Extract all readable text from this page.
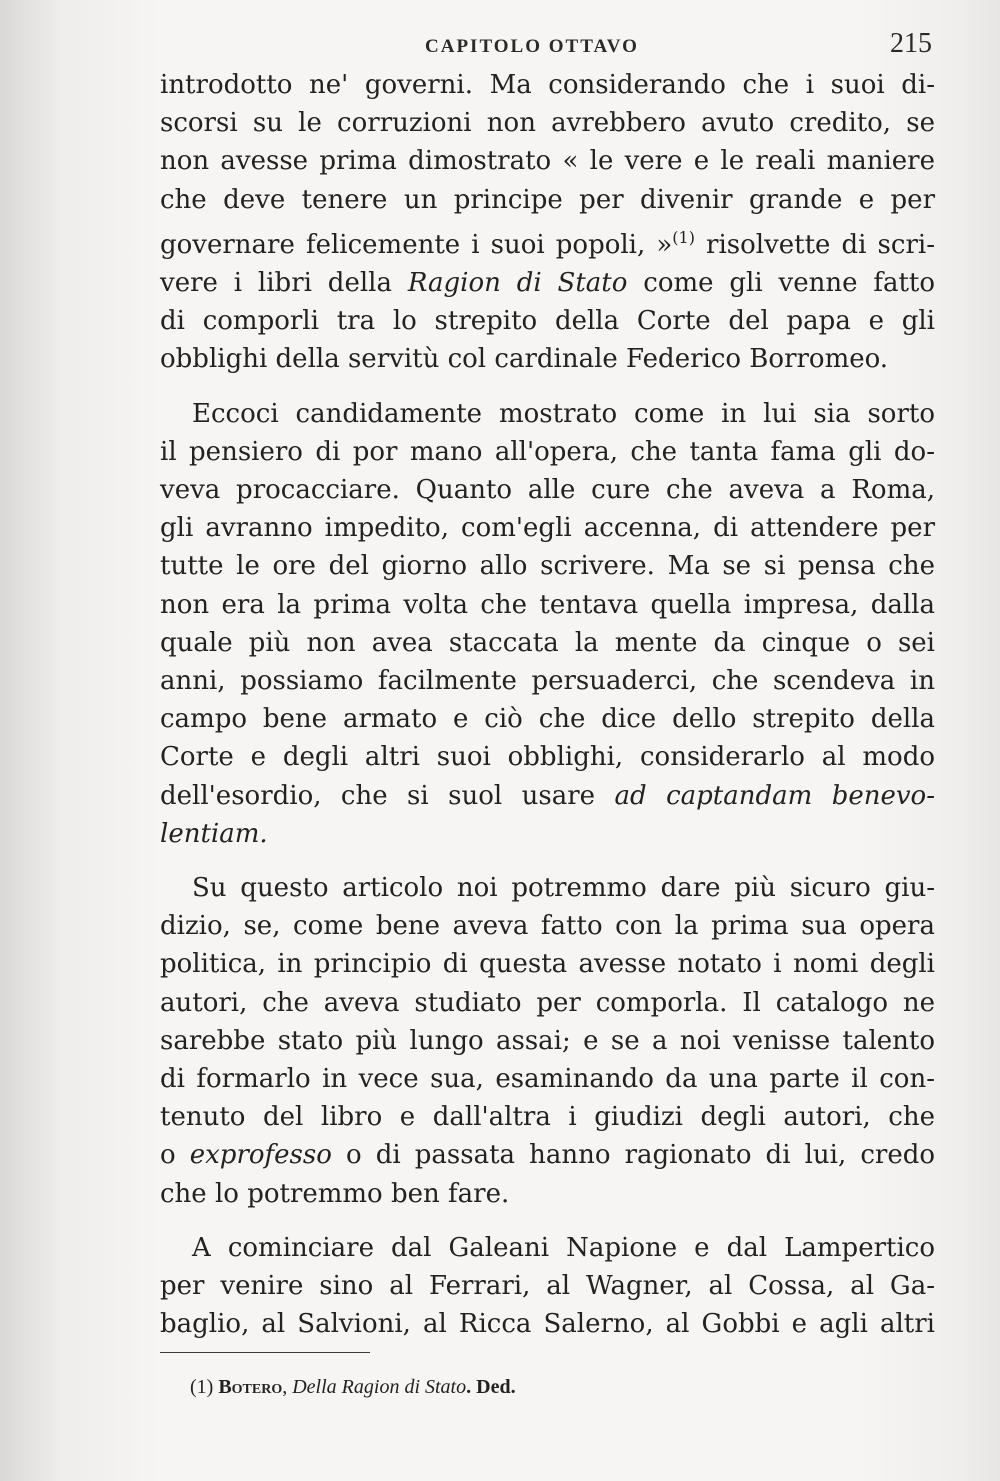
CAPITOLO OTTAVO	215

introdotto ne' governi. Ma considerando che i suoi di-
scorsi su le corruzioni non avrebbero avuto credito, se
non avesse prima dimostrato « le vere e le reali maniere
che deve tenere un principe per divenir grande e per
governare felicemente i suoi popoli, »$^{(1)}$ risolvette di scri-
vere i libri della Ragion di Stato come gli venne fatto
di comporli tra lo strepito della Corte del papa e gli
obblighi della servitù col cardinale Federico Borromeo.

Eccoci candidamente mostrato come in lui sia sorto
il pensiero di por mano all'opera, che tanta fama gli do-
veva procacciare. Quanto alle cure che aveva a Roma,
gli avranno impedito, com'egli accenna, di attendere per
tutte le ore del giorno allo scrivere. Ma se si pensa che
non era la prima volta che tentava quella impresa, dalla
quale più non avea staccata la mente da cinque o sei
anni, possiamo facilmente persuaderci, che scendeva in
campo bene armato e ciò che dice dello strepito della
Corte e degli altri suoi obblighi, considerarlo al modo
dell'esordio, che si suol usare ad captandam benevo-
lentiam.

Su questo articolo noi potremmo dare più sicuro giu-
dizio, se, come bene aveva fatto con la prima sua opera
politica, in principio di questa avesse notato i nomi degli
autori, che aveva studiato per comporla. Il catalogo ne
sarebbe stato più lungo assai; e se a noi venisse talento
di formarlo in vece sua, esaminando da una parte il con-
tenuto del libro e dall'altra i giudizi degli autori, che
o exprofesso o di passata hanno ragionato di lui, credo
che lo potremmo ben fare.

A cominciare dal Galeani Napione e dal Lampertico
per venire sino al Ferrari, al Wagner, al Cossa, al Ga-
baglio, al Salvioni, al Ricca Salerno, al Gobbi e agli altri

(1) Botero, Della Ragion di Stato. Ded.
